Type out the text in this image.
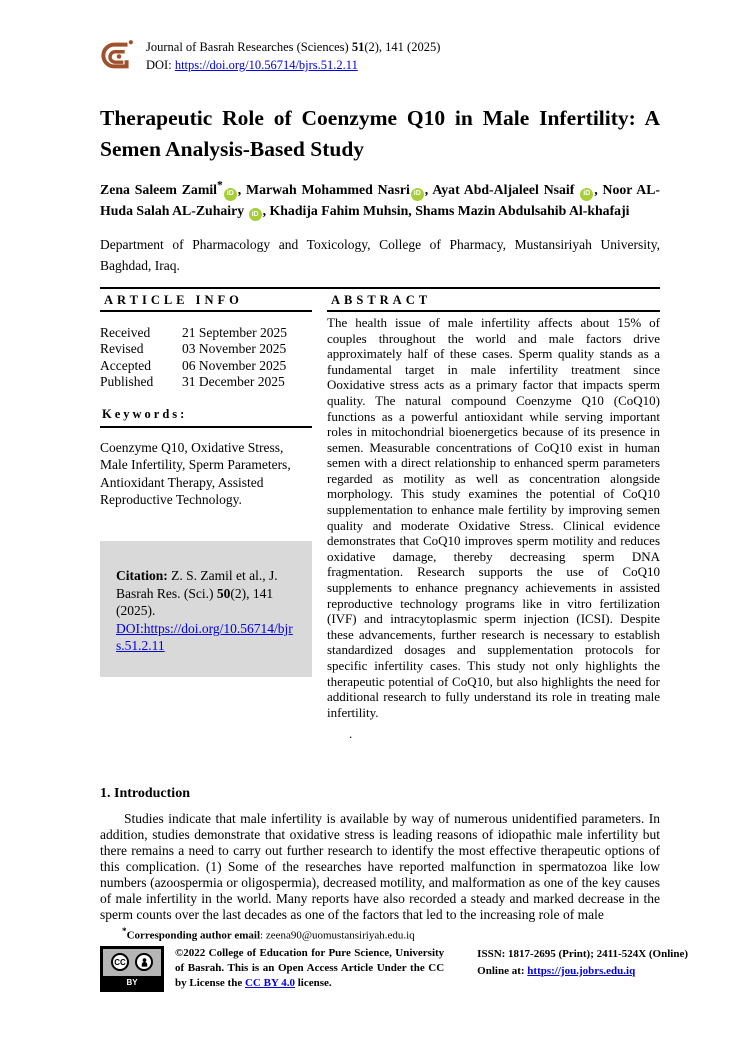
Journal of Basrah Researches (Sciences) 51(2), 141 (2025)
DOI: https://doi.org/10.56714/bjrs.51.2.11
Therapeutic Role of Coenzyme Q10 in Male Infertility: A Semen Analysis-Based Study
Zena Saleem Zamil*iD , Marwah Mohammed Nasri iD , Ayat Abd-Aljaleel Nsaif iD , Noor AL-Huda Salah AL-Zuhairy iD , Khadija Fahim Muhsin, Shams Mazin Abdulsahib Al-khafaji
Department of Pharmacology and Toxicology, College of Pharmacy, Mustansiriyah University, Baghdad, Iraq.
ARTICLE INFO
Received	21 September 2025
Revised	03 November 2025
Accepted	06 November 2025
Published	31 December 2025
Keywords:
Coenzyme Q10, Oxidative Stress, Male Infertility, Sperm Parameters, Antioxidant Therapy, Assisted Reproductive Technology.
Citation: Z. S. Zamil et al., J. Basrah Res. (Sci.) 50(2), 141 (2025).
DOI:https://doi.org/10.56714/bjrs.51.2.11
ABSTRACT
The health issue of male infertility affects about 15% of couples throughout the world and male factors drive approximately half of these cases. Sperm quality stands as a fundamental target in male infertility treatment since Ooxidative stress acts as a primary factor that impacts sperm quality. The natural compound Coenzyme Q10 (CoQ10) functions as a powerful antioxidant while serving important roles in mitochondrial bioenergetics because of its presence in semen. Measurable concentrations of CoQ10 exist in human semen with a direct relationship to enhanced sperm parameters regarded as motility as well as concentration alongside morphology. This study examines the potential of CoQ10 supplementation to enhance male fertility by improving semen quality and moderate Oxidative Stress. Clinical evidence demonstrates that CoQ10 improves sperm motility and reduces oxidative damage, thereby decreasing sperm DNA fragmentation. Research supports the use of CoQ10 supplements to enhance pregnancy achievements in assisted reproductive technology programs like in vitro fertilization (IVF) and intracytoplasmic sperm injection (ICSI). Despite these advancements, further research is necessary to establish standardized dosages and supplementation protocols for specific infertility cases. This study not only highlights the therapeutic potential of CoQ10, but also highlights the need for additional research to fully understand its role in treating male infertility.
.
1. Introduction
Studies indicate that male infertility is available by way of numerous unidentified parameters. In addition, studies demonstrate that oxidative stress is leading reasons of idiopathic male infertility but there remains a need to carry out further research to identify the most effective therapeutic options of this complication. (1) Some of the researches have reported malfunction in spermatozoa like low numbers (azoospermia or oligospermia), decreased motility, and malformation as one of the key causes of male infertility in the world. Many reports have also recorded a steady and marked decrease in the sperm counts over the last decades as one of the factors that led to the increasing role of male
*Corresponding author email: zeena90@uomustansiriyah.edu.iq
CC
BY
©2022 College of Education for Pure Science, University of Basrah. This is an Open Access Article Under the CC by License the CC BY 4.0 license.
ISSN: 1817-2695 (Print); 2411-524X (Online)
Online at: https://jou.jobrs.edu.iq
